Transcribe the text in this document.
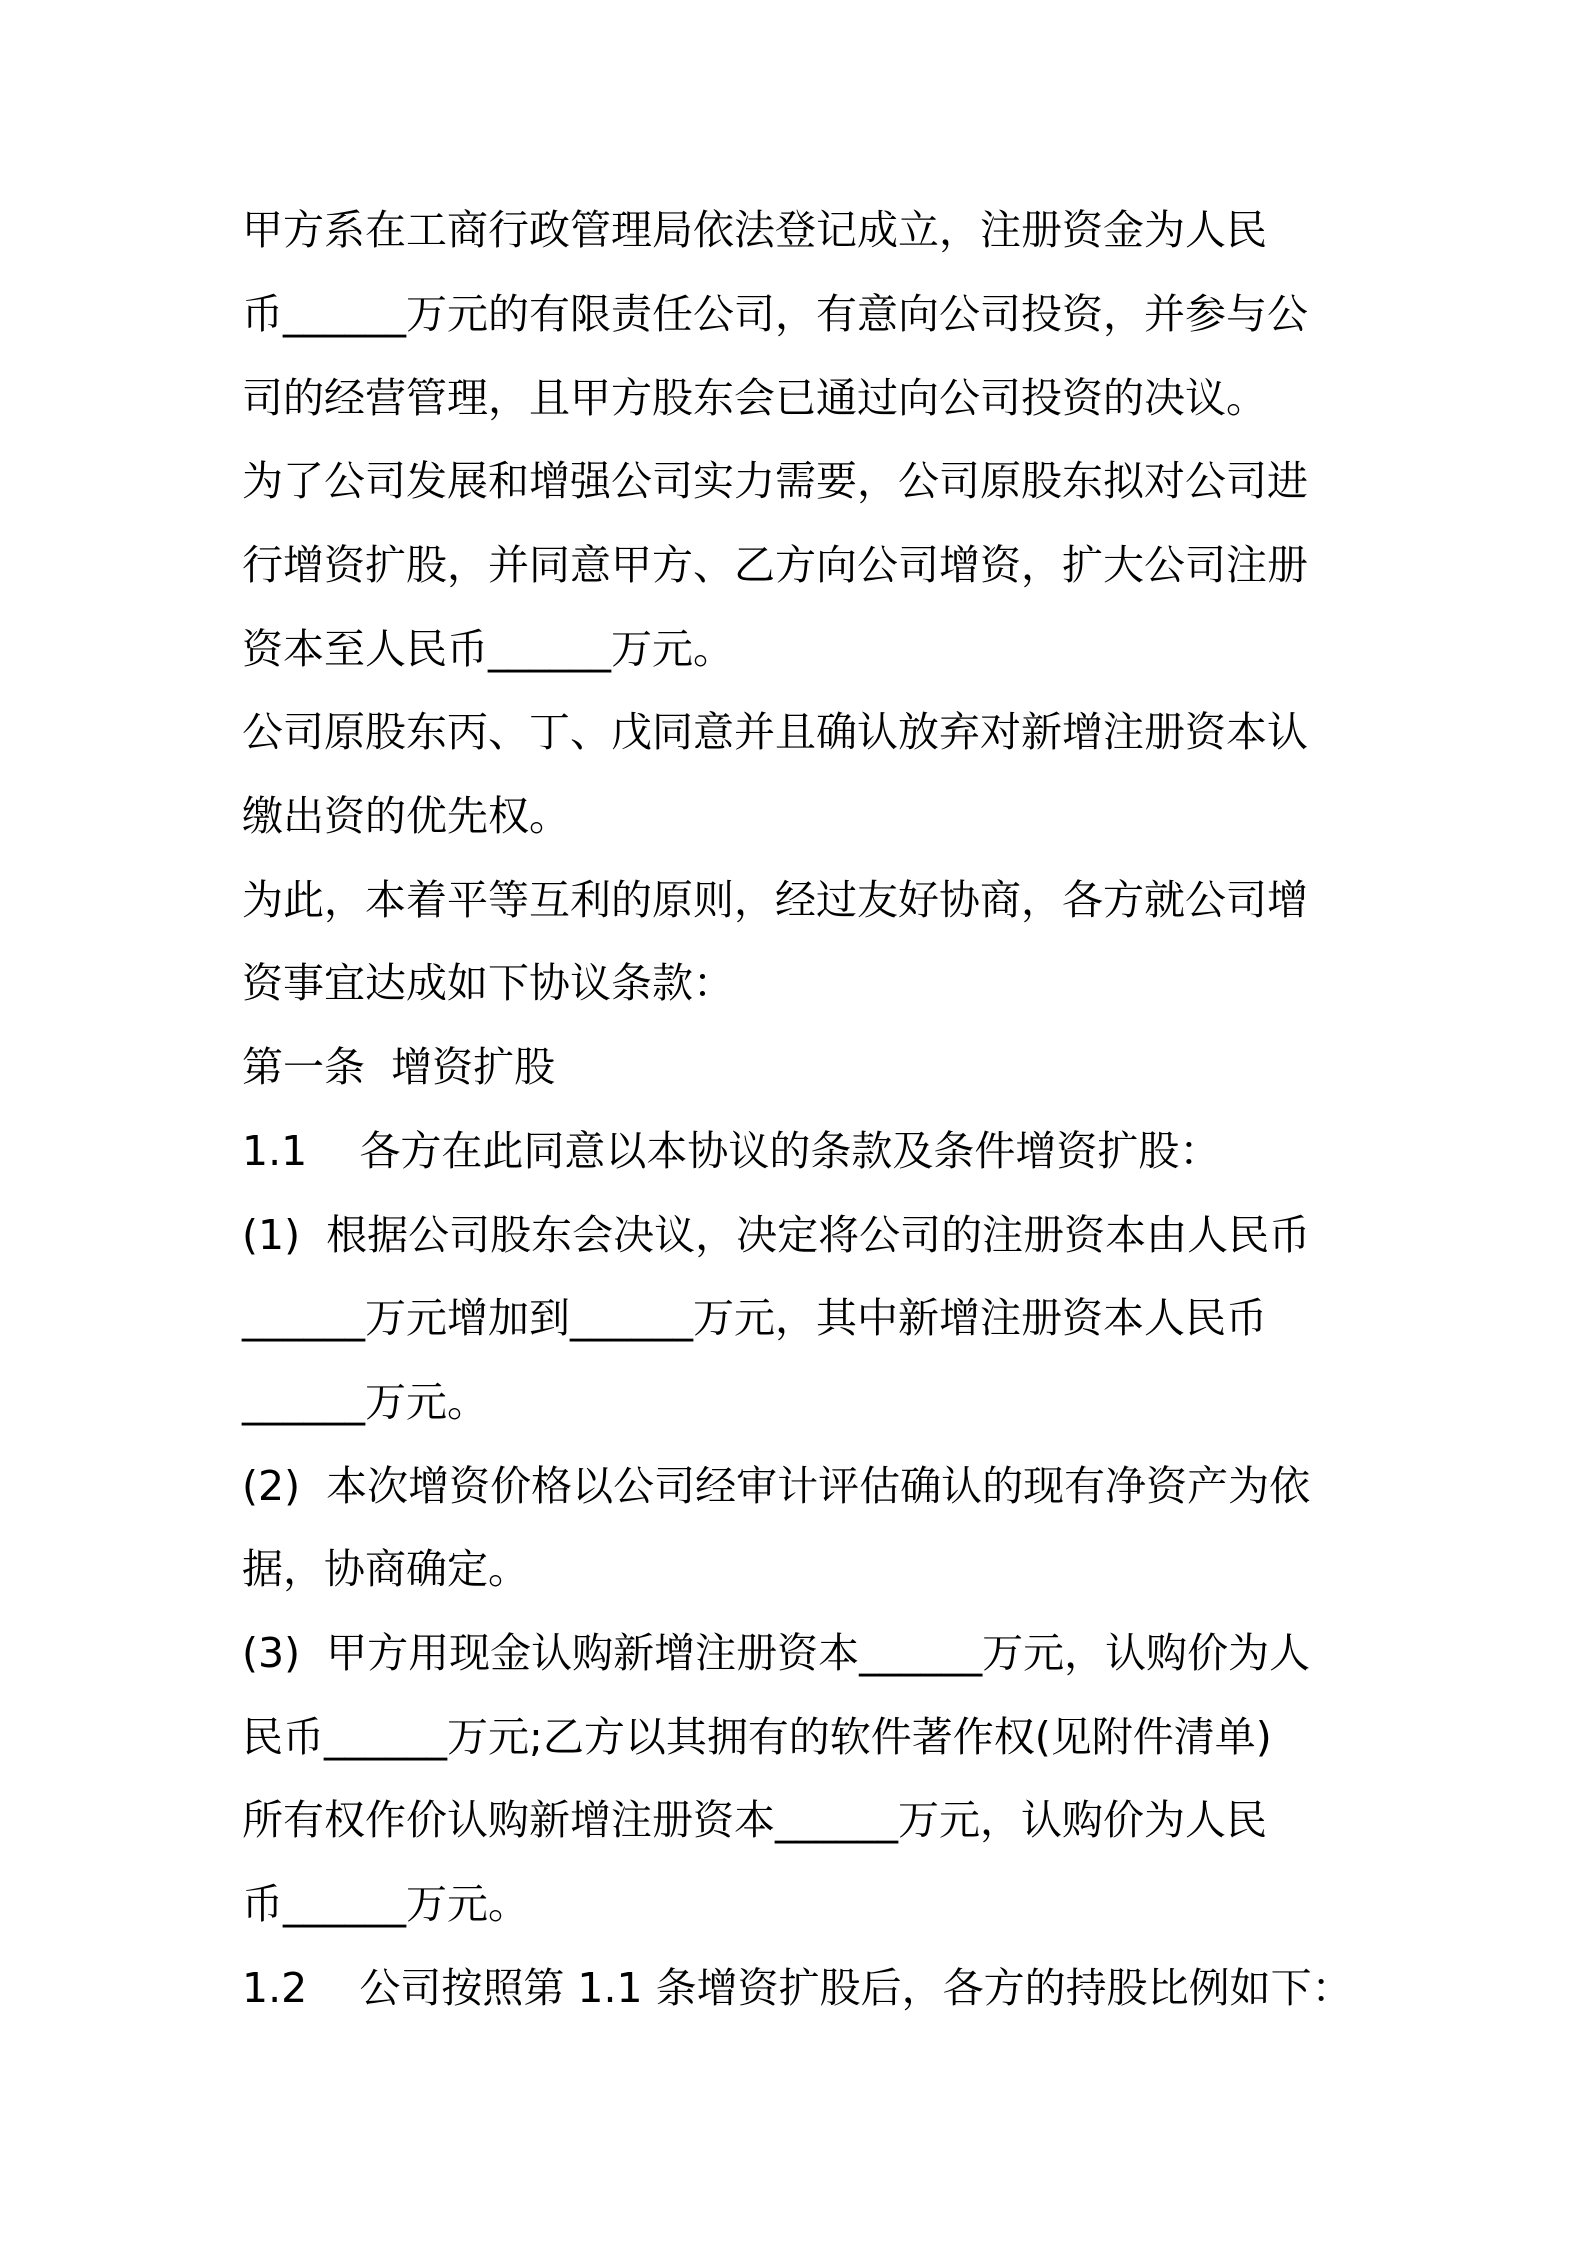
甲方系在工商行政管理局依法登记成立，注册资金为人民
币______万元的有限责任公司，有意向公司投资，并参与公
司的经营管理，且甲方股东会已通过向公司投资的决议。
为了公司发展和增强公司实力需要，公司原股东拟对公司进
行增资扩股，并同意甲方、乙方向公司增资，扩大公司注册
资本至人民币______万元。
公司原股东丙、丁、戊同意并且确认放弃对新增注册资本认
缴出资的优先权。
为此，本着平等互利的原则，经过友好协商，各方就公司增
资事宜达成如下协议条款：
第一条  增资扩股
1.1    各方在此同意以本协议的条款及条件增资扩股：
(1)  根据公司股东会决议，决定将公司的注册资本由人民币
______万元增加到______万元，其中新增注册资本人民币
______万元。
(2)  本次增资价格以公司经审计评估确认的现有净资产为依
据，协商确定。
(3)  甲方用现金认购新增注册资本______万元，认购价为人
民币______万元;乙方以其拥有的软件著作权(见附件清单)
所有权作价认购新增注册资本______万元，认购价为人民
币______万元。
1.2    公司按照第 1.1 条增资扩股后，各方的持股比例如下：
